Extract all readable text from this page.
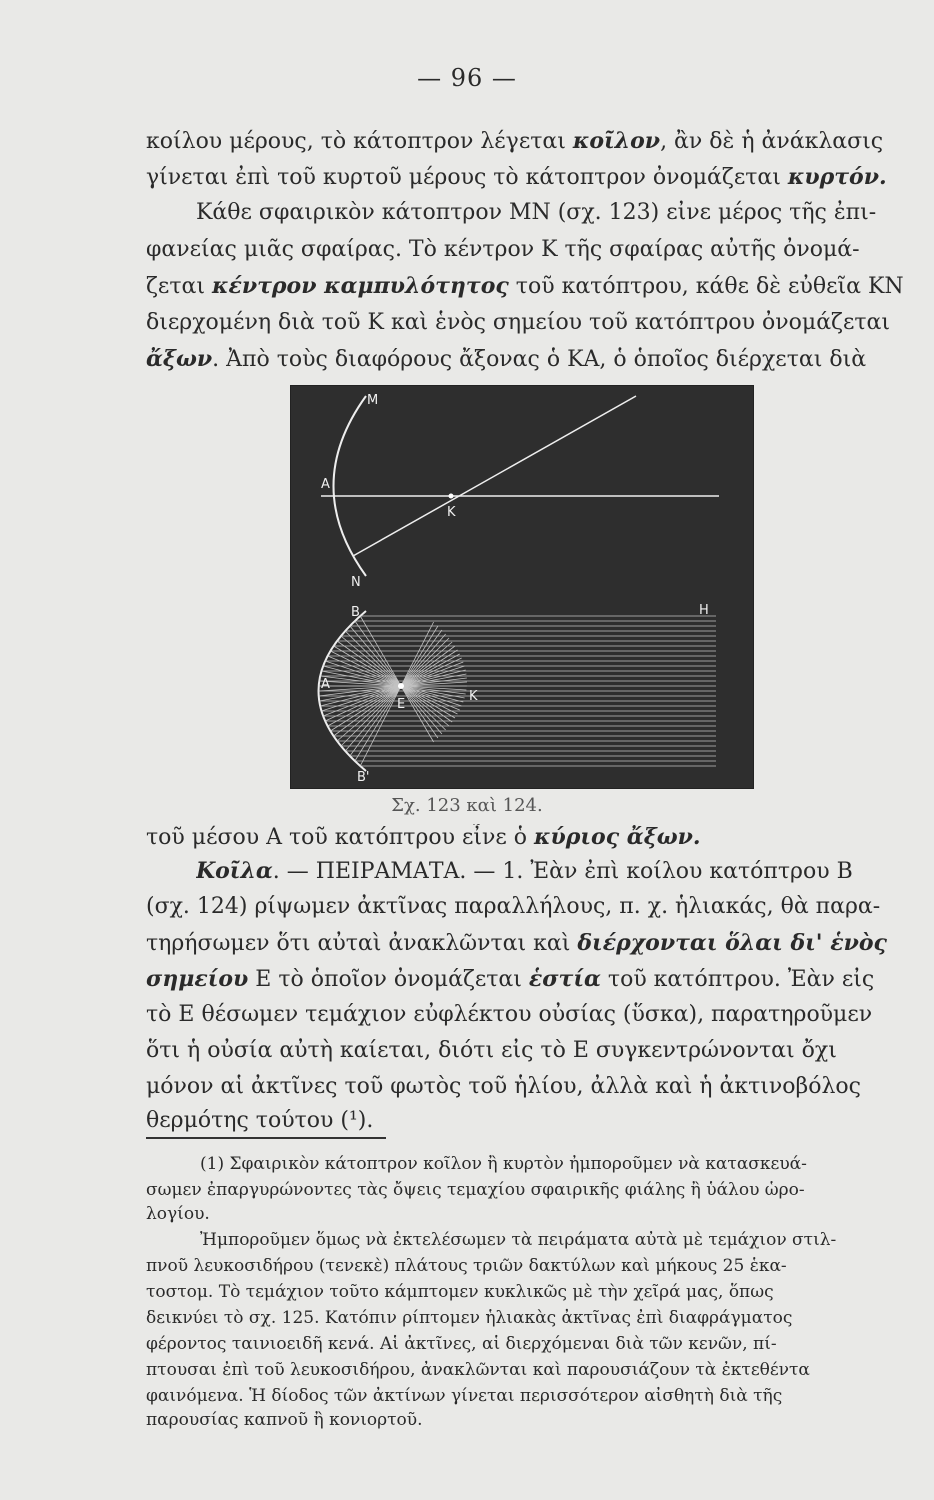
— 96 —
κοίλου μέρους, τὸ κάτοπτρον λέγεται κοῖλον, ἂν δὲ ἡ ἀνάκλασις
γίνεται ἐπὶ τοῦ κυρτοῦ μέρους τὸ κάτοπτρον ὀνομάζεται κυρτόν.
Κάθε σφαιρικὸν κάτοπτρον ΜΝ (σχ. 123) εἶνε μέρος τῆς ἐπι-
φανείας μιᾶς σφαίρας. Τὸ κέντρον Κ τῆς σφαίρας αὐτῆς ὀνομά-
ζεται κέντρον καμπυλότητος τοῦ κατόπτρου, κάθε δὲ εὐθεῖα ΚΝ
διερχομένη διὰ τοῦ Κ καὶ ἑνὸς σημείου τοῦ κατόπτρου ὀνομάζεται
ἄξων. Ἀπὸ τοὺς διαφόρους ἄξονας ὁ ΚΑ, ὁ ὁποῖος διέρχεται διὰ
M
A
K
N
B	H
A
E
K
B'
Σχ. 123 καὶ 124.
τοῦ μέσου Α τοῦ κατόπτρου εἶνε ὁ κύριος ἄξων.
Κοῖλα. — ΠΕΙΡΑΜΑΤΑ. — 1. Ἐὰν ἐπὶ κοίλου κατόπτρου Β
(σχ. 124) ρίψωμεν ἀκτῖνας παραλλήλους, π. χ. ἡλιακάς, θὰ παρα-
τηρήσωμεν ὅτι αὐταὶ ἀνακλῶνται καὶ διέρχονται ὅλαι δι' ἑνὸς
σημείου Ε τὸ ὁποῖον ὀνομάζεται ἑστία τοῦ κατόπτρου. Ἐὰν εἰς
τὸ Ε θέσωμεν τεμάχιον εὐφλέκτου οὐσίας (ὕσκα), παρατηροῦμεν
ὅτι ἡ οὐσία αὐτὴ καίεται, διότι εἰς τὸ Ε συγκεντρώνονται ὄχι
μόνον αἱ ἀκτῖνες τοῦ φωτὸς τοῦ ἡλίου, ἀλλὰ καὶ ἡ ἀκτινοβόλος
θερμότης τούτου (¹).
(1) Σφαιρικὸν κάτοπτρον κοῖλον ἢ κυρτὸν ἠμποροῦμεν νὰ κατασκευά-
σωμεν ἐπαργυρώνοντες τὰς ὄψεις τεμαχίου σφαιρικῆς φιάλης ἢ ὑάλου ὡρο-
λογίου.
Ἠμποροῦμεν ὅμως νὰ ἐκτελέσωμεν τὰ πειράματα αὐτὰ μὲ τεμάχιον στιλ-
πνοῦ λευκοσιδήρου (τενεκὲ) πλάτους τριῶν δακτύλων καὶ μήκους 25 ἑκα-
τοστομ. Τὸ τεμάχιον τοῦτο κάμπτομεν κυκλικῶς μὲ τὴν χεῖρά μας, ὅπως
δεικνύει τὸ σχ. 125. Κατόπιν ρίπτομεν ἡλιακὰς ἀκτῖνας ἐπὶ διαφράγματος
φέροντος ταινιοειδῆ κενά. Αἱ ἀκτῖνες, αἱ διερχόμεναι διὰ τῶν κενῶν, πί-
πτουσαι ἐπὶ τοῦ λευκοσιδήρου, ἀνακλῶνται καὶ παρουσιάζουν τὰ ἐκτεθέντα
φαινόμενα. Ἡ δίοδος τῶν ἀκτίνων γίνεται περισσότερον αἰσθητὴ διὰ τῆς
παρουσίας καπνοῦ ἢ κονιορτοῦ.
